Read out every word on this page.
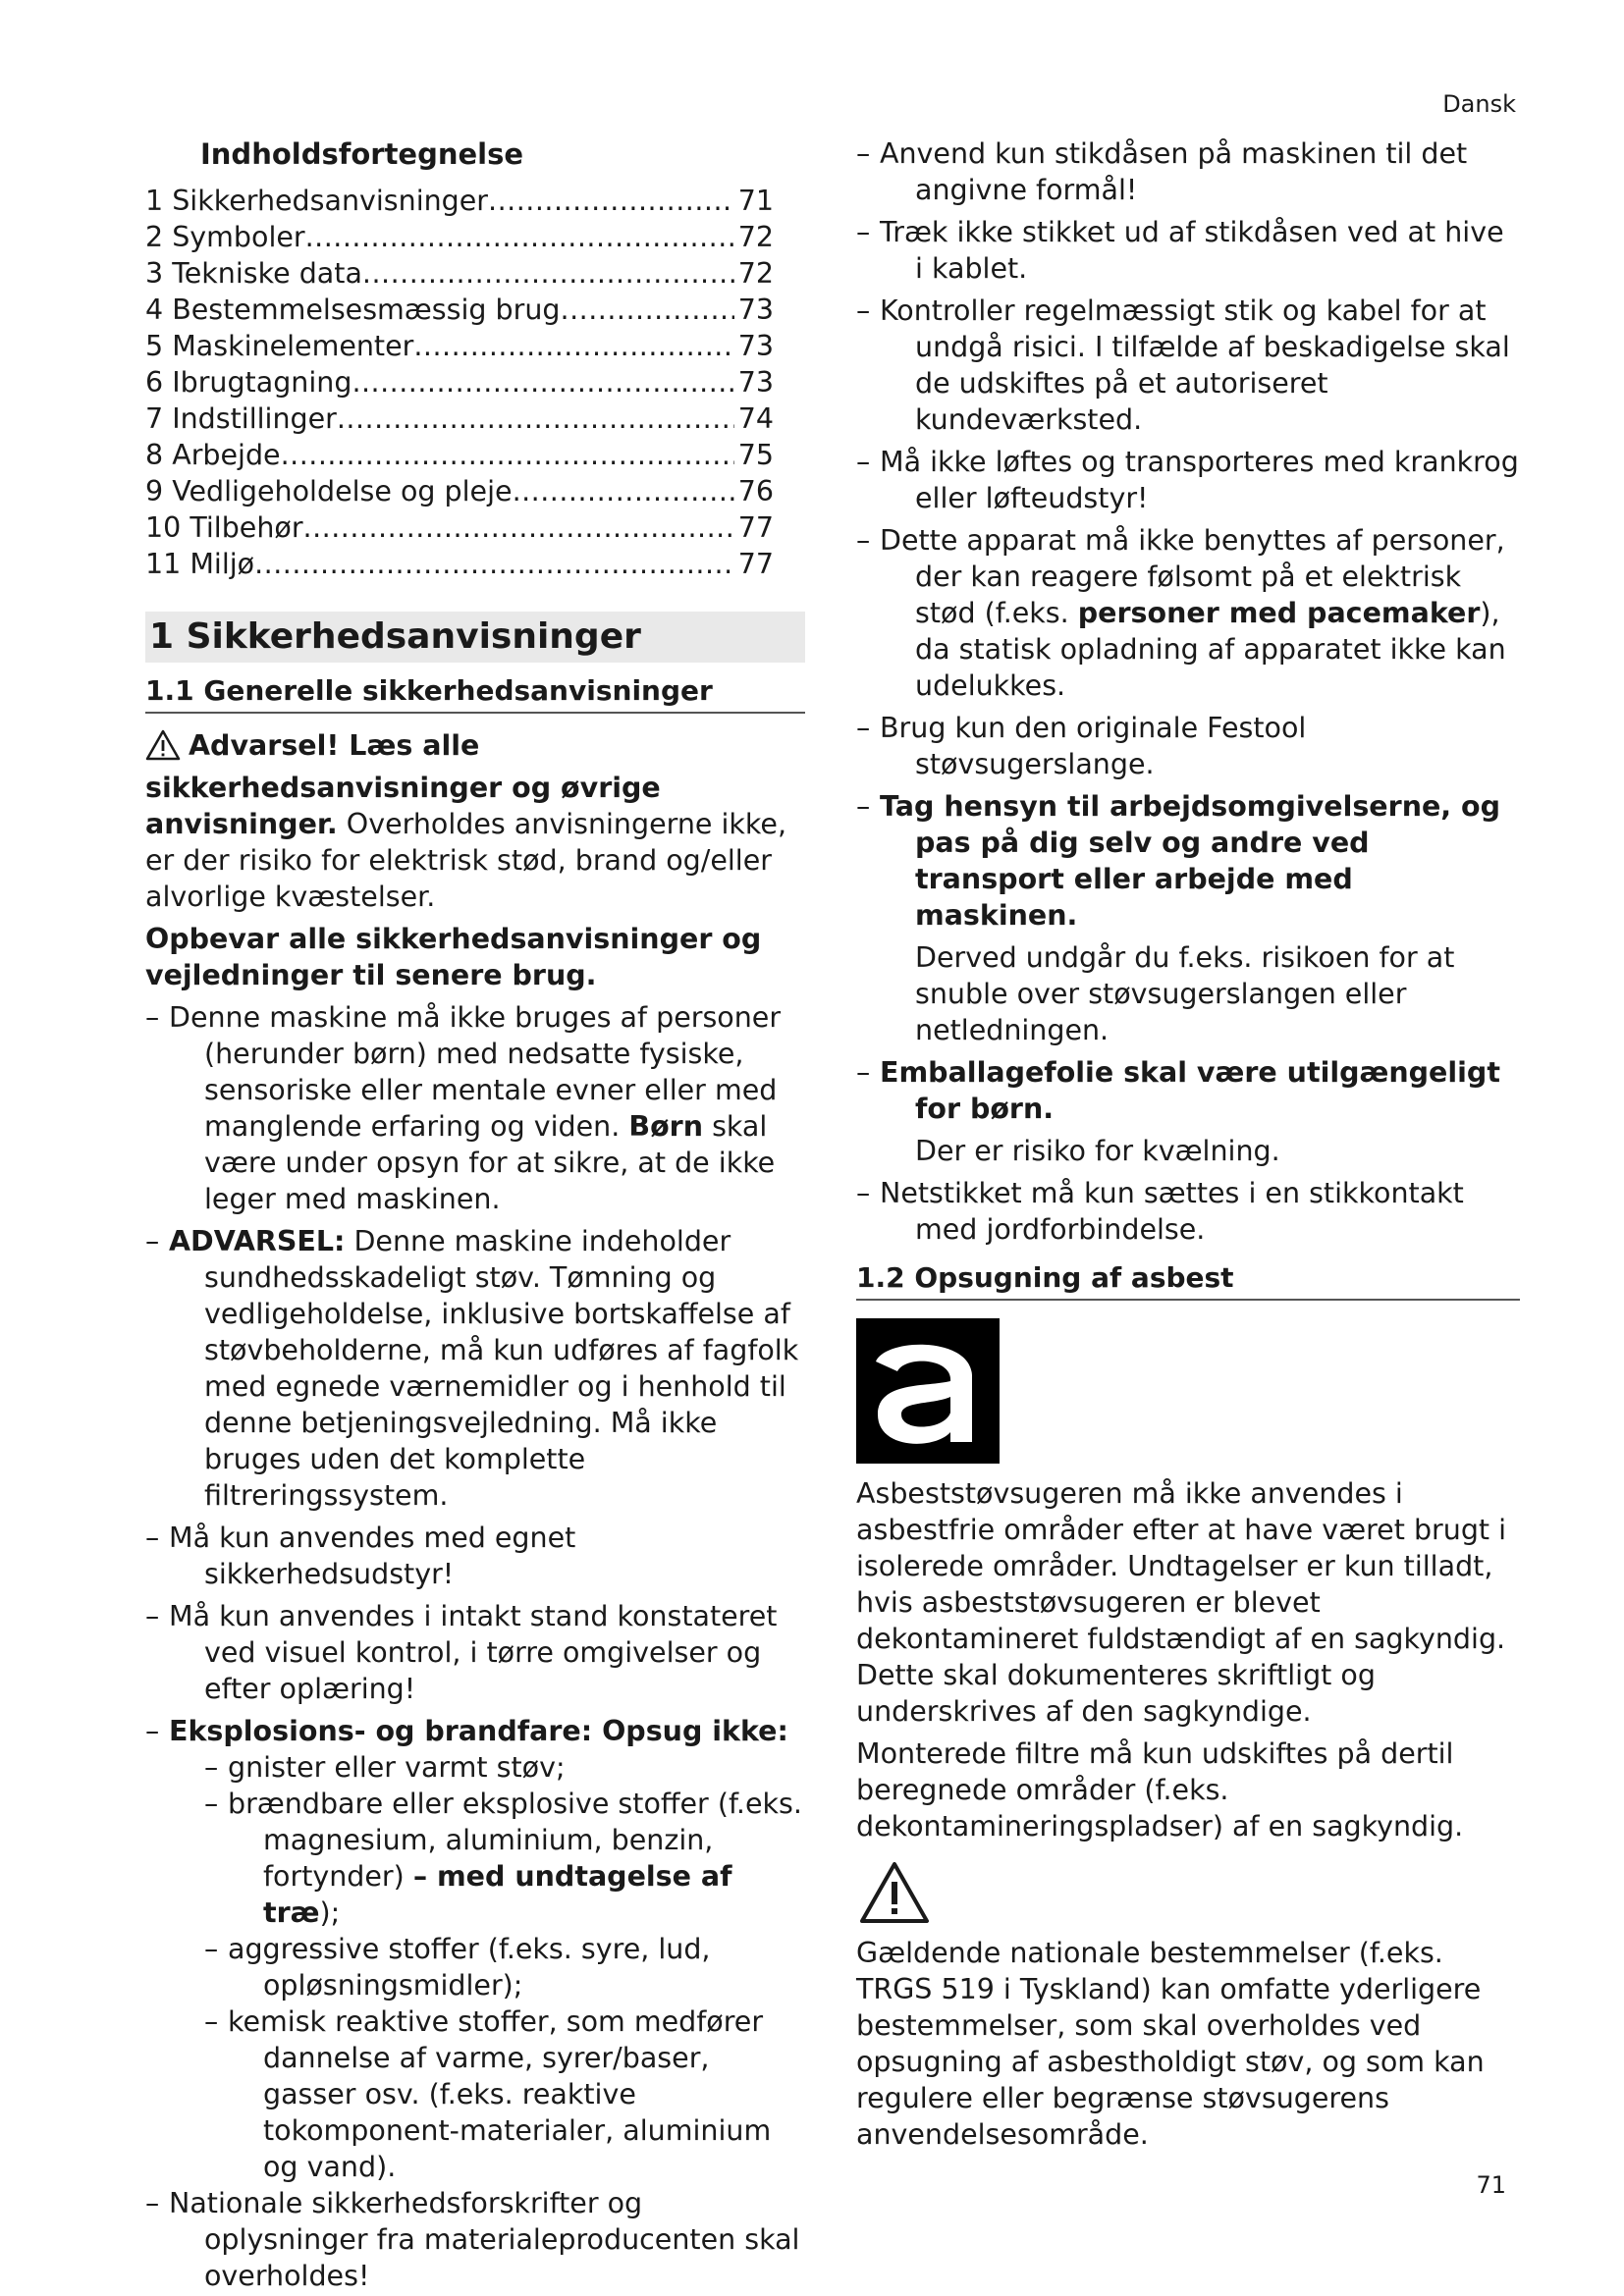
Dansk
Indholdsfortegnelse
1 Sikkerhedsanvisninger .....	71
2 Symboler .....	72
3 Tekniske data .....	72
4 Bestemmelsesmæssig brug .....	73
5 Maskinelementer .....	73
6 Ibrugtagning .....	73
7 Indstillinger .....	74
8 Arbejde .....	75
9 Vedligeholdelse og pleje .....	76
10 Tilbehør .....	77
11 Miljø .....	77
1 Sikkerhedsanvisninger
1.1 Generelle sikkerhedsanvisninger
Advarsel! Læs alle sikkerhedsanvisninger og øvrige anvisninger. Overholdes anvisningerne ikke, er der risiko for elektrisk stød, brand og/eller alvorlige kvæstelser.
Opbevar alle sikkerhedsanvisninger og vejledninger til senere brug.
– Denne maskine må ikke bruges af personer (herunder børn) med nedsatte fysiske, sensoriske eller mentale evner eller med manglende erfaring og viden. Børn skal være under opsyn for at sikre, at de ikke leger med maskinen.
– ADVARSEL: Denne maskine indeholder sundhedsskadeligt støv. Tømning og vedligeholdelse, inklusive bortskaffelse af støvbeholderne, må kun udføres af fagfolk med egnede værnemidler og i henhold til denne betjeningsvejledning. Må ikke bruges uden det komplette filtreringssystem.
– Må kun anvendes med egnet sikkerhedsudstyr!
– Må kun anvendes i intakt stand konstateret ved visuel kontrol, i tørre omgivelser og efter oplæring!
– Eksplosions- og brandfare: Opsug ikke:
– gnister eller varmt støv;
– brændbare eller eksplosive stoffer (f.eks. magnesium, aluminium, benzin, fortynder) – med undtagelse af træ);
– aggressive stoffer (f.eks. syre, lud, opløsningsmidler);
– kemisk reaktive stoffer, som medfører dannelse af varme, syrer/baser, gasser osv. (f.eks. reaktive tokomponent-materialer, aluminium og vand).
– Nationale sikkerhedsforskrifter og oplysninger fra materialeproducenten skal overholdes!
– Anvend kun stikdåsen på maskinen til det angivne formål!
– Træk ikke stikket ud af stikdåsen ved at hive i kablet.
– Kontroller regelmæssigt stik og kabel for at undgå risici. I tilfælde af beskadigelse skal de udskiftes på et autoriseret kundeværksted.
– Må ikke løftes og transporteres med krankrog eller løfteudstyr!
– Dette apparat må ikke benyttes af personer, der kan reagere følsomt på et elektrisk stød (f.eks. personer med pacemaker), da statisk opladning af apparatet ikke kan udelukkes.
– Brug kun den originale Festool støvsugerslange.
– Tag hensyn til arbejdsomgivelserne, og pas på dig selv og andre ved transport eller arbejde med maskinen.
Derved undgår du f.eks. risikoen for at snuble over støvsugerslangen eller netledningen.
– Emballagefolie skal være utilgængeligt for børn.
Der er risiko for kvælning.
– Netstikket må kun sættes i en stikkontakt med jordforbindelse.
1.2 Opsugning af asbest
Asbeststøvsugeren må ikke anvendes i asbestfrie områder efter at have været brugt i isolerede områder. Undtagelser er kun tilladt, hvis asbeststøvsugeren er blevet dekontamineret fuldstændigt af en sagkyndig. Dette skal dokumenteres skriftligt og underskrives af den sagkyndige.
Monterede filtre må kun udskiftes på dertil beregnede områder (f.eks. dekontamineringspladser) af en sagkyndig.
Gældende nationale bestemmelser (f.eks. TRGS 519 i Tyskland) kan omfatte yderligere bestemmelser, som skal overholdes ved opsugning af asbestholdigt støv, og som kan regulere eller begrænse støvsugerens anvendelsesområde.
71
